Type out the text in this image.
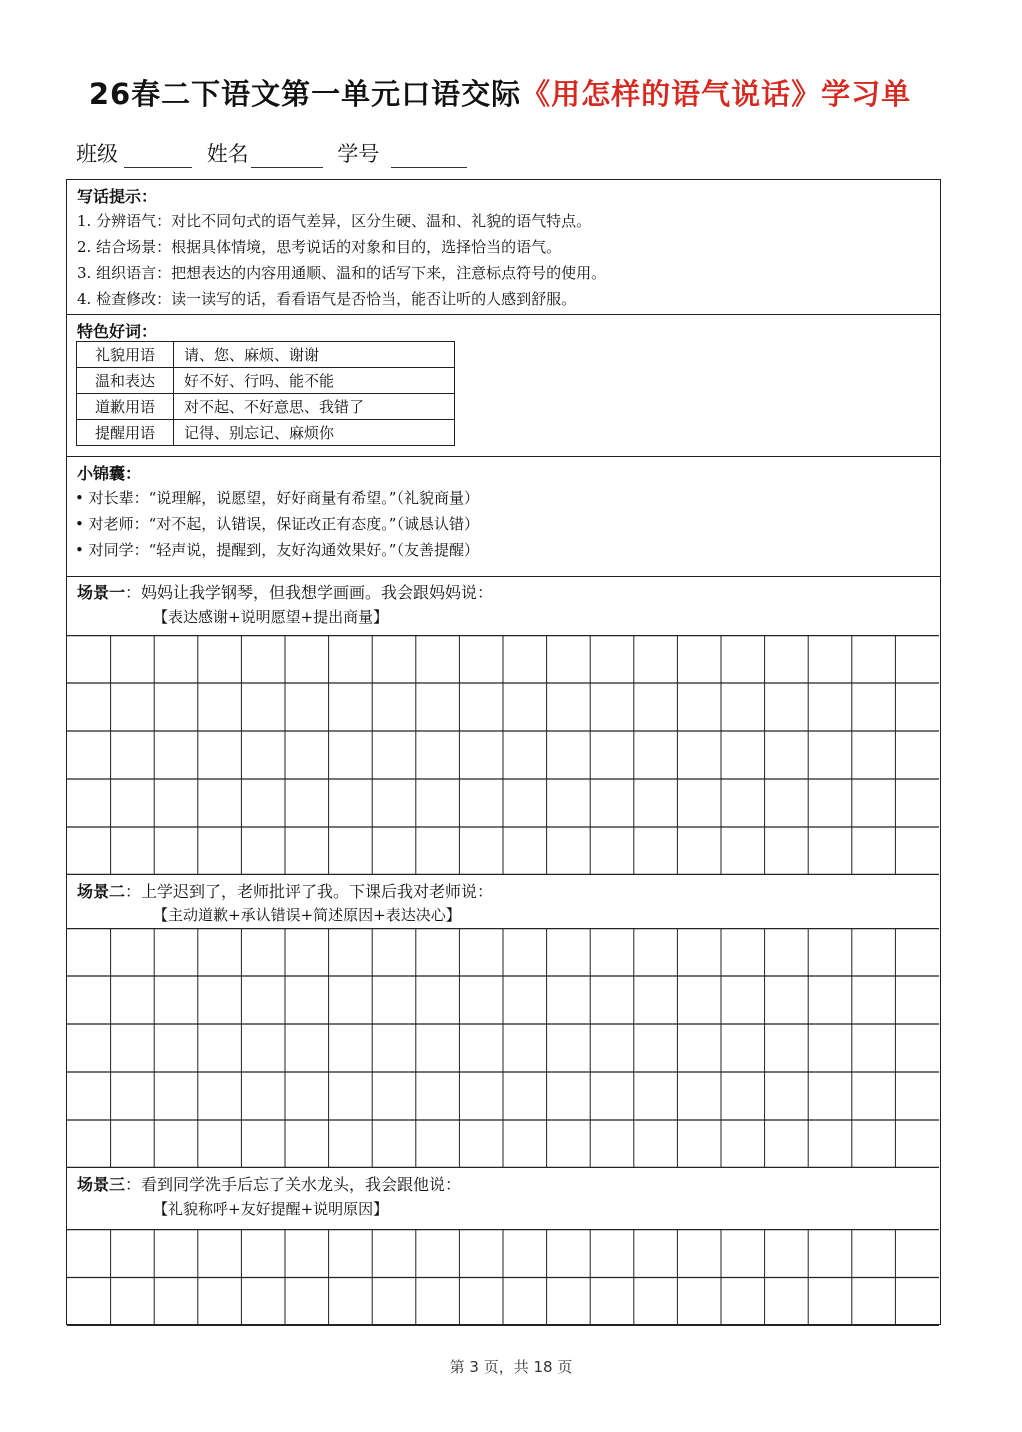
26春二下语文第一单元口语交际《用怎样的语气说话》学习单
班级	姓名	学号
写话提示：
1. 分辨语气：对比不同句式的语气差异，区分生硬、温和、礼貌的语气特点。
2. 结合场景：根据具体情境，思考说话的对象和目的，选择恰当的语气。
3. 组织语言：把想表达的内容用通顺、温和的话写下来，注意标点符号的使用。
4. 检查修改：读一读写的话，看看语气是否恰当，能否让听的人感到舒服。
特色好词：
礼貌用语	请、您、麻烦、谢谢
温和表达	好不好、行吗、能不能
道歉用语	对不起、不好意思、我错了
提醒用语	记得、别忘记、麻烦你
小锦囊：
• 对长辈：“说理解，说愿望，好好商量有希望。”（礼貌商量）
• 对老师：“对不起，认错误，保证改正有态度。”（诚恳认错）
• 对同学：“轻声说，提醒到，友好沟通效果好。”（友善提醒）
场景一：妈妈让我学钢琴，但我想学画画。我会跟妈妈说：
【表达感谢+说明愿望+提出商量】
场景二：上学迟到了，老师批评了我。下课后我对老师说：
【主动道歉+承认错误+简述原因+表达决心】
场景三：看到同学洗手后忘了关水龙头，我会跟他说：
【礼貌称呼+友好提醒+说明原因】
第 3 页，共 18 页
